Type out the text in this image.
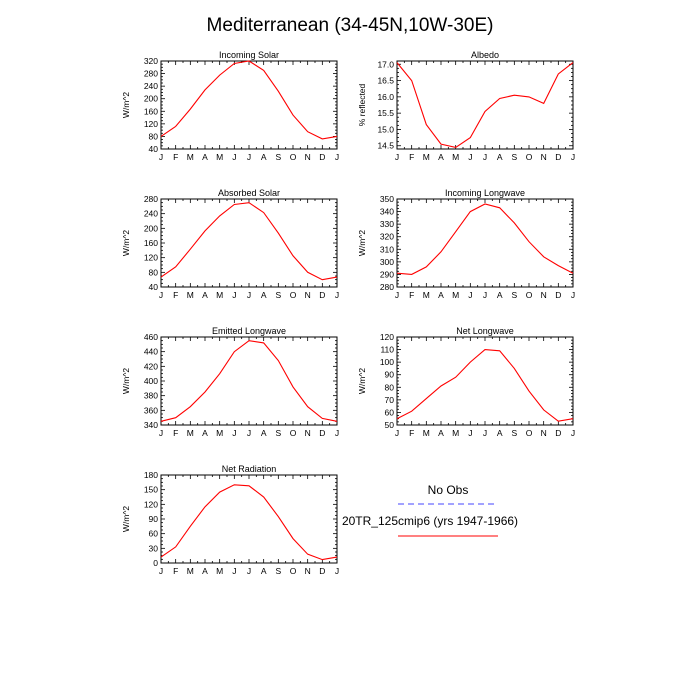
Mediterranean (34-45N,10W-30E)
Incoming Solar
J F M A M J J A S O N D J
40
80
120
160
200
240
280
320
W/m^2
Albedo
J F M A M J J A S O N D J
14.5
15.0
15.5
16.0
16.5
17.0
% reflected
Absorbed Solar
J F M A M J J A S O N D J
40
80
120
160
200
240
280
W/m^2
Incoming Longwave
J F M A M J J A S O N D J
280
290
300
310
320
330
340
350
W/m^2
Emitted Longwave
J F M A M J J A S O N D J
340
360
380
400
420
440
460
W/m^2
Net Longwave
J F M A M J J A S O N D J
50
60
70
80
90
100
110
120
W/m^2
Net Radiation
J F M A M J J A S O N D J
0
30
60
90
120
150
180
W/m^2
No Obs
20TR_125cmip6 (yrs 1947-1966)
